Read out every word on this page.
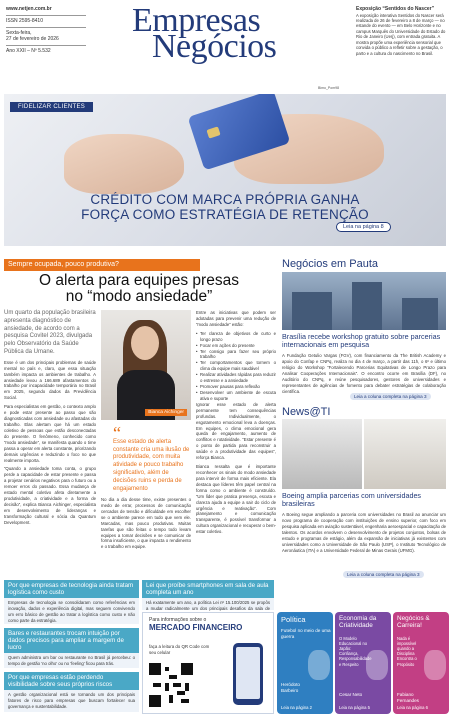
www.netjen.com.br
ISSN 2595-8410
Sexta-feira,
27 de fevereiro de 2026
Ano XXII – Nº 5.532
Empresas
Negócios
Exposição “Sentidos do Nascer”
A exposição interativa Sentidos do Nascer será realizada de 26 de fevereiro a 8 de março — no estande do evento — em Belo Horizonte e no campus Marquês do Universidade do Estado do Rio de Janeiro (Uerj), com entrada gratuita. A mostra propõe uma experiência sensorial que convida o público a refletir sobre a gestação, o parto e a cultura do nascimento no Brasil.
FIDELIZAR CLIENTES
CRÉDITO COM MARCA PRÓPRIA GANHA
FORÇA COMO ESTRATÉGIA DE RETENÇÃO
Leia na página 8
Sempre ocupada, pouco produtiva?
O alerta para equipes presas
no “modo ansiedade”

Um quarto da população brasileira apresenta diagnóstico de ansiedade, de acordo com a pesquisa Covitel 2023, divulgada pelo Observatório da Saúde Pública da Umane.

Esse é um dos principais problemas de saúde mental no país e, claro, que essa situação também impacta os ambientes de trabalho. A ansiedade levou a 166.689 afastamentos do trabalho por incapacidade temporária no Brasil em 2025, segundo dados da Previdência Social.

Para especialistas em gestão, o contexto amplo e pode estar presente ao passo que são diagnosticadas com ansiedade ou afastadas do trabalho. Elas alertam que há um estado coletivo de pessoas que estão desconectadas do presente. O fenômeno, conhecido como “modo ansiedade”, se manifesta quando o time passa a operar em alerta constante, priorizando demais urgências e reduzindo o foco no que realmente importa.

“Quando a ansiedade toma conta, o grupo perde a capacidade de estar presente e passa a projetar cenários negativos para o futuro ou a remoer erros do passado. Essa mudança de estado mental coletivo afeta diretamente a produtividade, a criatividade e a forma de decisão”, explica Bianca Aichinger, especialista em desenvolvimento de lideranças e transformação cultural e sócia da Quantum Development.

Bianca Aichinger
“
Esse estado de alerta constante cria uma ilusão de produtividade, com muita atividade e pouco trabalho significativo, além de decisões ruins e perda de engajamento

No dia a dia desse time, existe presentes o medo de errar, processos de comunicação cercados de tensão e dificuldade em escolher se o ambiente parece em tudo que vem ele. Marcadas, mas pouco produtivas. Muitas tarefas que são feitas o tempo todo levam equipes a tomar decisões e se comunicar de forma insuficiente, o que impacta o rendimento e o trabalho em equipe.

Entre as iniciativas que podem ser adotadas para prevenir uma redução de “modo ansiedade” estão:

• Ter clareza de objetivos de curto e longo prazo
• Focar em ações do presente
• Ter consigo para fazer seu próprio trabalho
• Ter comportamentos que tornem o clima da equipe mais saudável
• Realizar atividades rápidas para reduzir o estresse e a ansiedade
• Promover pausas para reflexão
• Desenvolver um ambiente de escuta ativa e suporte

Ignorar esse estado de alerta permanente tem consequências profundas. Individualmente, o esgotamento emocional leva a doenças. Em equipes, o clima emocional gera queda de engajamento, aumento de conflitos e rotatividade. “Estar presente é o ponto de partida para reconstruir a saúde e a produtividade das equipes”, reforça Bianca.

Bianca ressalta que é importante reconhecer os sinais do modo ansiedade para intervir de forma mais eficiente. Ela destaca que líderes têm papel central na forma como o ambiente é construído. “Um líder que pratica presença, escuta e clareza ajuda a equipe a sair do ciclo de urgência e reativação”. Com planejamento e comunicação transparente, é possível transformar a cultura organizacional e recuperar o bem-estar coletivo.

Negócios em Pauta
Brasília recebe workshop gratuito sobre parcerias internacionais em pesquisa

A Fundação Getulio Vargas (FGV), com financiamento da The British Academy e apoio do Confap e CNPq, realiza no dia 4 de março, a partir das 11h, o 6º e último relógio do Workshop “Fortalecendo Parcerias Equitativas de Longo Prazo para Analisar Cooperações Internacionais”. O encontro ocorre em Brasília (DF), no Auditório do CNPq, e reúne pesquisadores, gestores de universidades e representantes de agências de fomento para debater estratégias de colaboração científica.

Leia a coluna completa na página 3
News@TI
Boeing amplia parcerias com universidades brasileiras

A Boeing segue ampliando a parceria com universidades no Brasil ao anunciar um novo programa de cooperação com instituições de ensino superior, com foco em pesquisa aplicada em aviação sustentável, engenharia aeroespacial e capacitação de talentos. Os acordos envolvem o desenvolvimento de projetos conjuntos, bolsas de estudo e programas de estágio, além da expansão de iniciativas já existentes com universidades como a Universidade de São Paulo (USP), o Instituto Tecnológico de Aeronáutica (ITA) e a Universidade Federal de Minas Gerais (UFMG).

Leia a coluna completa na página 3
Por que empresas de tecnologia ainda tratam logística como custo
Empresas de tecnologia se consolidaram como referências em inovação, dados e experiência digital, mas seguem convivendo um erro básico de gestão ao tratar a logística como custo e não como parte da estratégia.
Bares e restaurantes trocam intuição por dados precisos para ampliar a margem de lucro
Quem administra um bar ou restaurante no Brasil já percebeu: o tempo de gestão ‘no olho’ ou no ‘feeling’ ficou para trás.
Por que empresas estão perdendo visibilidade sobre seus próprios riscos
A gestão organizacional está se tornando um dos principais fatores de risco para empresas que buscam fortalecer sua governança e sustentabilidade.
Lei que proíbe smartphones em sala de aula completa um ano
Há exatamente um ano, a política Lei nº 15.100/2025 se propôs a mudar radicalmente um dos principais desafios da sala de
Para informações sobre o
MERCADO FINANCEIRO
faça a leitura do QR Code com seu celular
Política
Futebol no meio de uma guerra
Heródoto Barbeiro
Leia na página 2
Economia da Criatividade
O Modelo Educacional no Japão: Confiança, Responsabilidade e Respeito
Cesar Neto
Leia na página 5
Negócios & Carreira!
Nada é impossível quando a Disciplina Encontra o Propósito
Fabiano Fernandes
Leia na página 6
Bimo_Pom98
